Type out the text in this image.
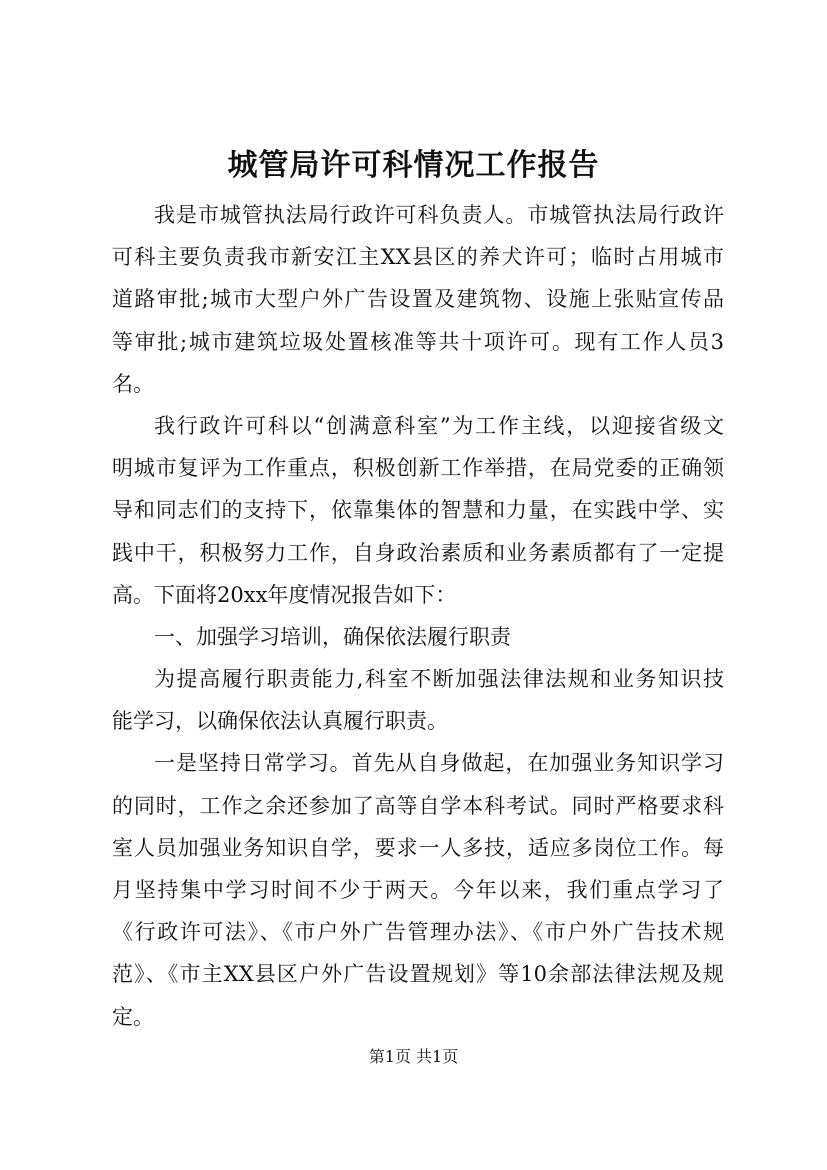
城管局许可科情况工作报告
我是市城管执法局行政许可科负责人。市城管执法局行政许
可科主要负责我市新安江主XX县区的养犬许可；临时占用城市
道路审批;城市大型户外广告设置及建筑物、设施上张贴宣传品
等审批;城市建筑垃圾处置核准等共十项许可。现有工作人员3
名。
我行政许可科以“创满意科室”为工作主线，以迎接省级文
明城市复评为工作重点，积极创新工作举措，在局党委的正确领
导和同志们的支持下，依靠集体的智慧和力量，在实践中学、实
践中干，积极努力工作，自身政治素质和业务素质都有了一定提
高。下面将20xx年度情况报告如下：
一、加强学习培训，确保依法履行职责
为提高履行职责能力,科室不断加强法律法规和业务知识技
能学习，以确保依法认真履行职责。
一是坚持日常学习。首先从自身做起，在加强业务知识学习
的同时，工作之余还参加了高等自学本科考试。同时严格要求科
室人员加强业务知识自学，要求一人多技，适应多岗位工作。每
月坚持集中学习时间不少于两天。今年以来，我们重点学习了
《行政许可法》、《市户外广告管理办法》、《市户外广告技术规
范》、《市主XX县区户外广告设置规划》等10余部法律法规及规
定。
第1页 共1页
